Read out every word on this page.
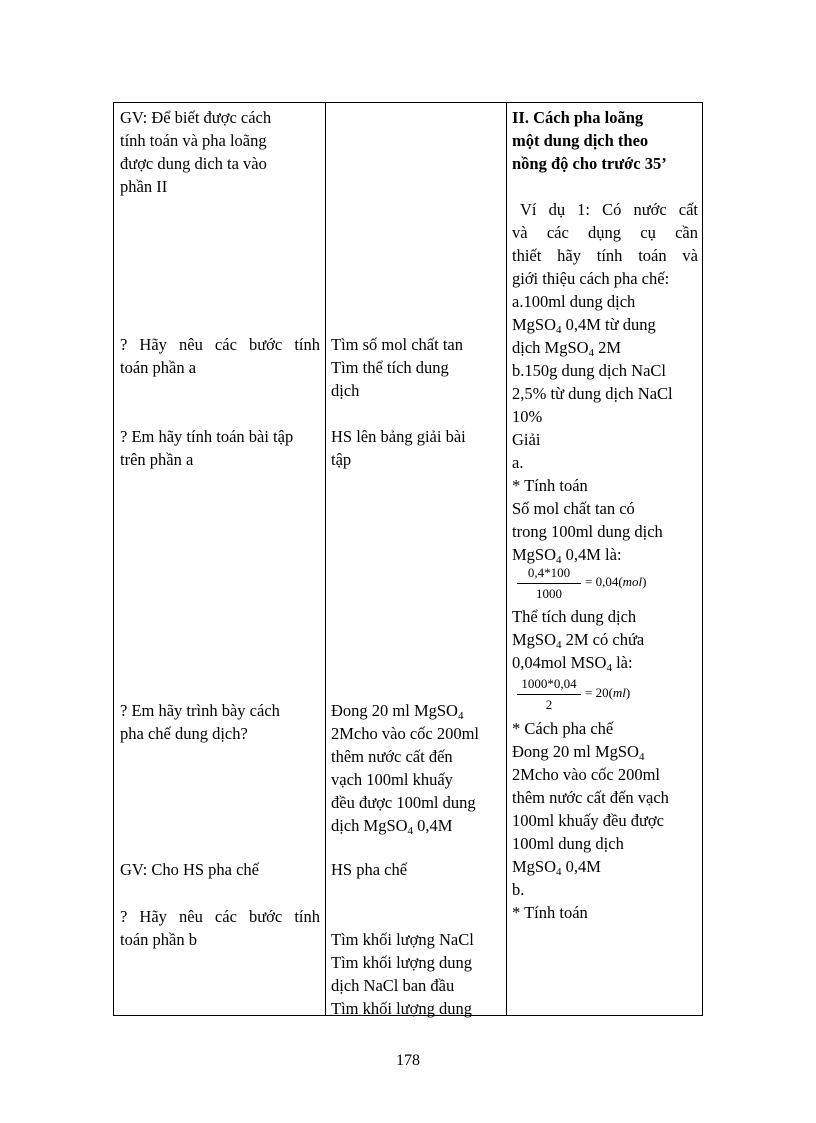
GV: Để biết được cách
tính toán và pha loãng
được dung dich ta vào
phần II
? Hãy nêu các bước tính
toán phần a
? Em hãy tính toán bài tập
trên phần a
? Em hãy trình bày cách
pha chế dung dịch?
GV: Cho HS pha chế
? Hãy nêu các bước tính
toán phần b
Tìm số mol chất tan
Tìm thể tích dung
dịch
HS lên bảng giải bài
tập
Đong 20 ml MgSO$_4$
2Mcho vào cốc 200ml
thêm nước cất đến
vạch 100ml khuấy
đều được 100ml dung
dịch MgSO$_4$ 0,4M
HS pha chế
Tìm khối lượng NaCl
Tìm khối lượng dung
dịch NaCl ban đầu
Tìm khối lượng dung
II. Cách pha loãng
một dung dịch theo
nồng độ cho trước 35’
Ví dụ 1: Có nước cất
và các dụng cụ cần
thiết hãy tính toán và
giới thiệu cách pha chế:
a.100ml dung dịch
MgSO$_4$ 0,4M từ dung
dịch MgSO$_4$ 2M
b.150g dung dịch NaCl
2,5% từ dung dịch NaCl
10%
Giải
a.
* Tính toán
Số mol chất tan có
trong 100ml dung dịch
MgSO$_4$ 0,4M là:
0,4*100
1000
= 0,04(mol)
Thể tích dung dịch
MgSO$_4$ 2M có chứa
0,04mol $MSO_4$ là:
1000*0,04
2
= 20(ml)
* Cách pha chế
Đong 20 ml MgSO$_4$
2Mcho vào cốc 200ml
thêm nước cất đến vạch
100ml khuấy đều được
100ml dung dịch
MgSO$_4$ 0,4M
b.
* Tính toán
178
